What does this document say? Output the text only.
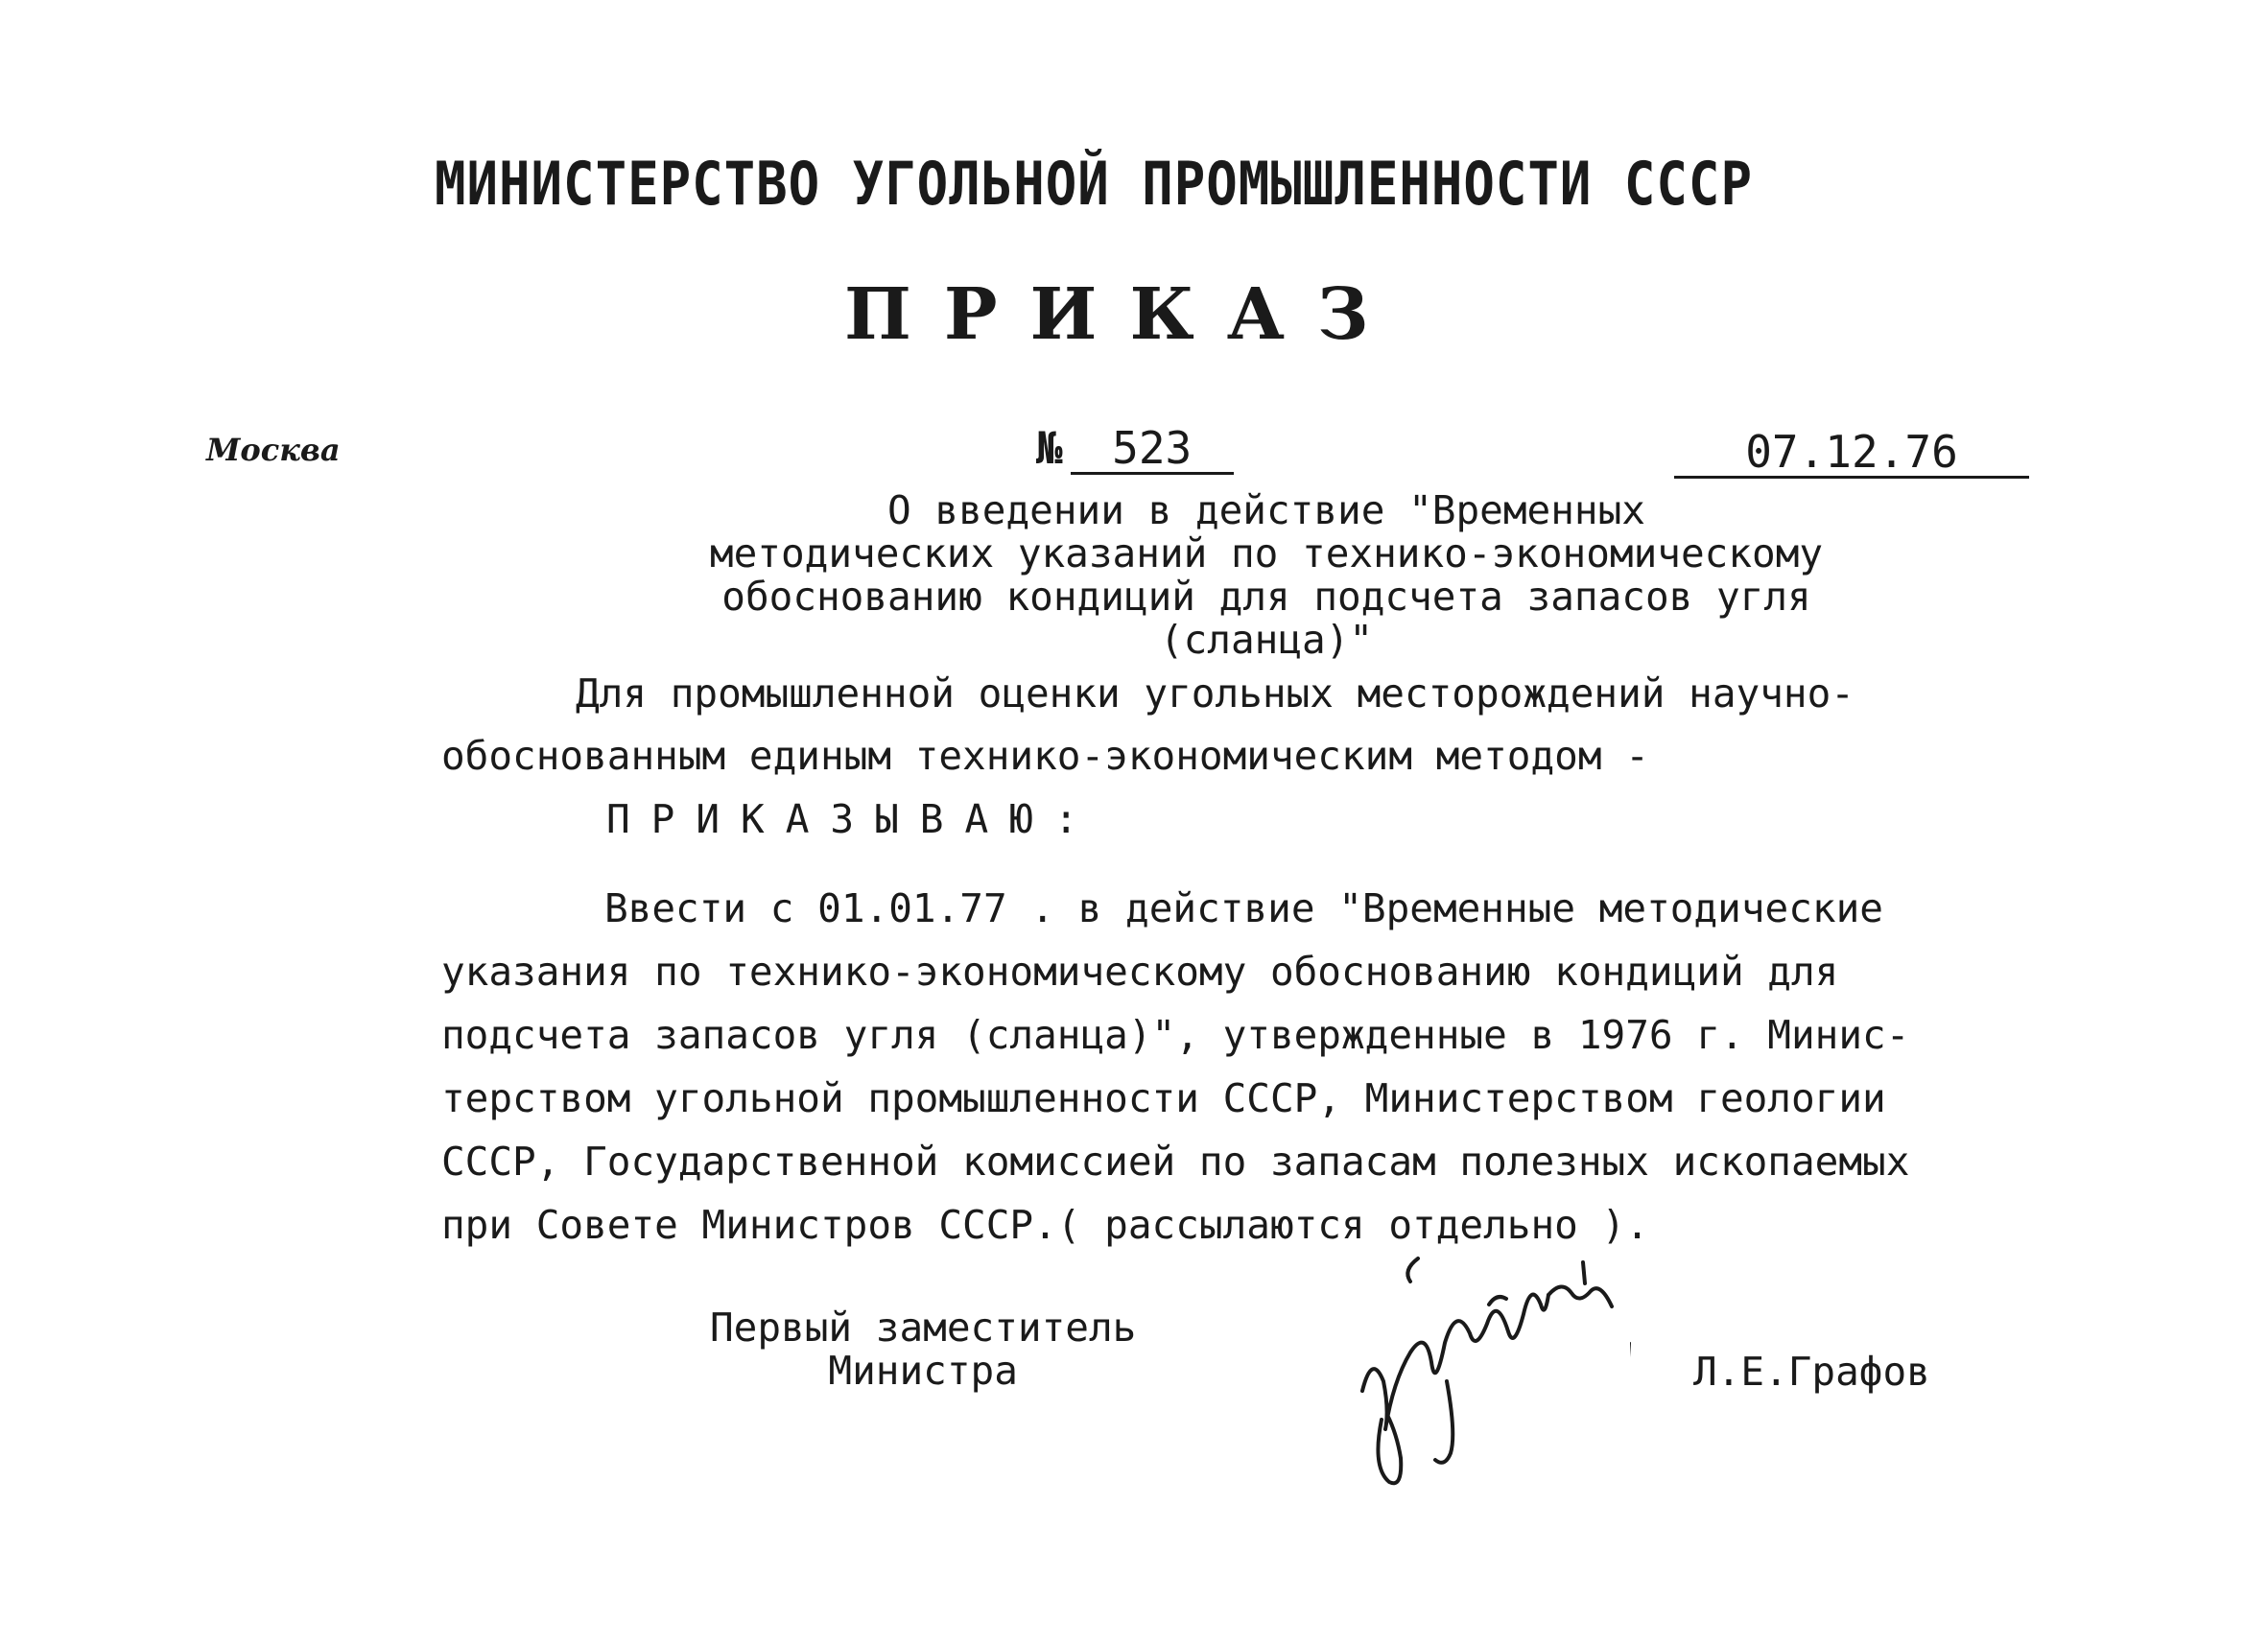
МИНИСТЕРСТВО УГОЛЬНОЙ ПРОМЫШЛЕННОСТИ СССР
ПРИКАЗ
Москва	№ 523	07.12.76
О введении в действие "Временных
методических указаний по технико-экономическому
обоснованию кондиций для подсчета запасов угля
(сланца)"
Для промышленной оценки угольных месторождений научно-
обоснованным единым технико-экономическим методом -
ПРИКАЗЫВАЮ:
Ввести с 01.01.77 . в действие "Временные методические
указания по технико-экономическому обоснованию кондиций для
подсчета запасов угля (сланца)", утвержденные в 1976 г. Минис-
терством угольной промышленности СССР, Министерством геологии
СССР, Государственной комиссией по запасам полезных ископаемых
при Совете Министров СССР.( рассылаются отдельно ).
Первый заместитель
Министра	Л.Е.Графов
